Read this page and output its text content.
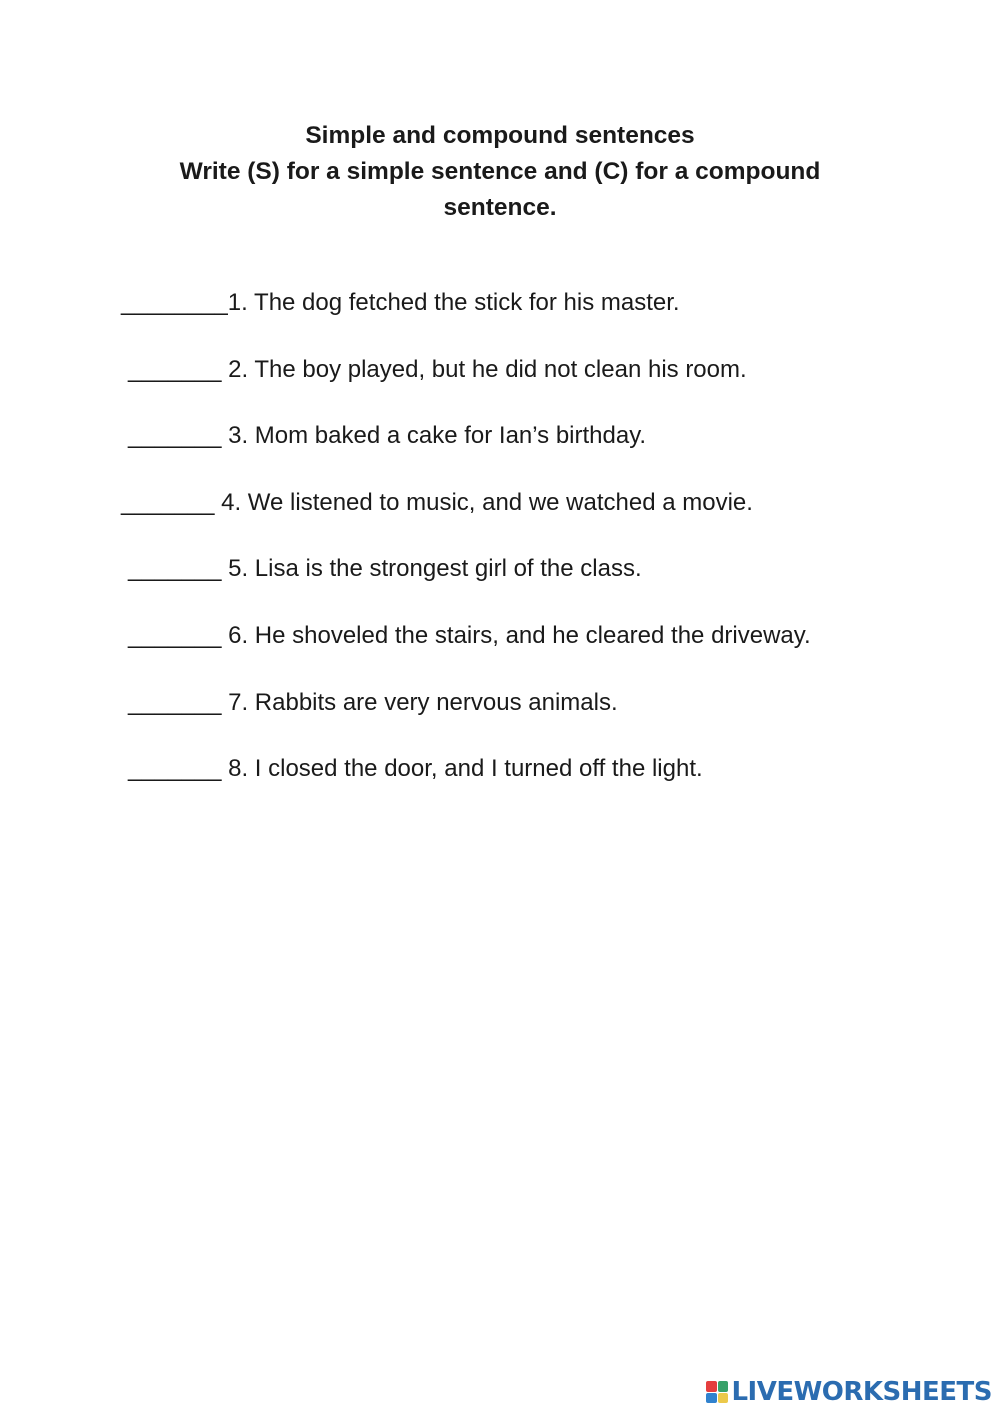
Simple and compound sentences
Write (S) for a simple sentence and (C) for a compound
sentence.
________1. The dog fetched the stick for his master.
_______ 2. The boy played, but he did not clean his room.
_______ 3. Mom baked a cake for Ian’s birthday.
_______ 4. We listened to music, and we watched a movie.
_______ 5. Lisa is the strongest girl of the class.
_______ 6. He shoveled the stairs, and he cleared the driveway.
_______ 7. Rabbits are very nervous animals.
_______ 8. I closed the door, and I turned off the light.
LIVEWORKSHEETS
